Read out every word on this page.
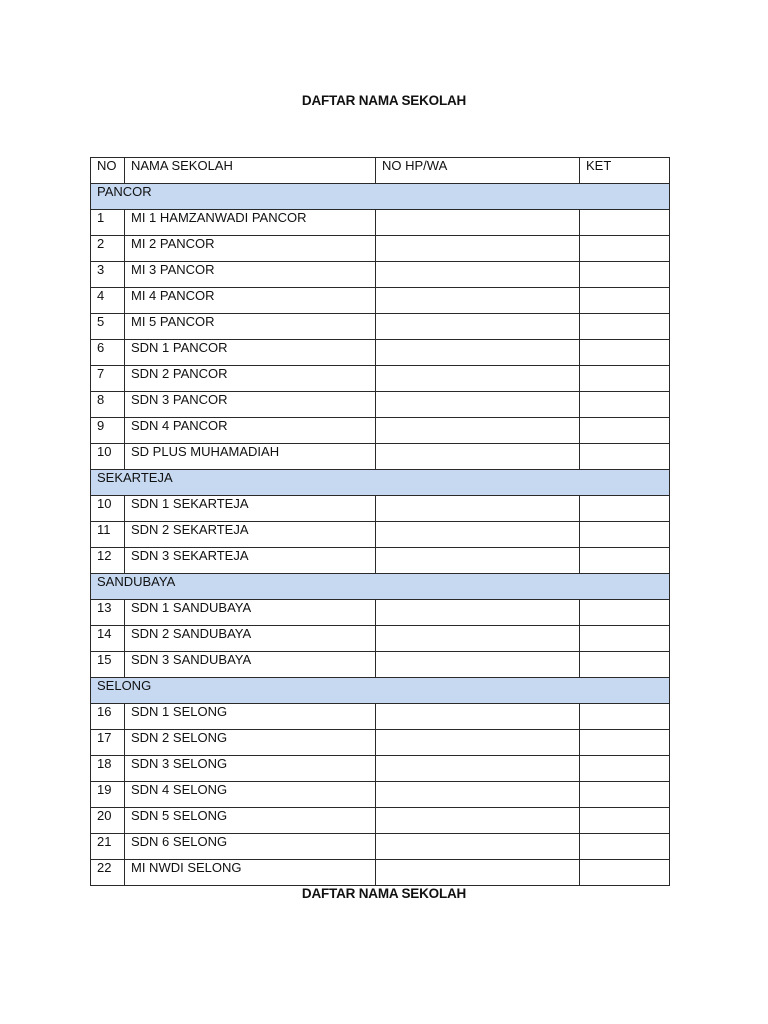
DAFTAR NAMA SEKOLAH
NO	NAMA SEKOLAH	NO HP/WA	KET
PANCOR			
1	MI 1 HAMZANWADI PANCOR		
2	MI 2 PANCOR		
3	MI 3 PANCOR		
4	MI 4 PANCOR		
5	MI 5 PANCOR		
6	SDN 1 PANCOR		
7	SDN 2 PANCOR		
8	SDN 3 PANCOR		
9	SDN 4 PANCOR		
10	SD PLUS MUHAMADIAH		
SEKARTEJA			
10	SDN 1 SEKARTEJA		
11	SDN 2 SEKARTEJA		
12	SDN 3 SEKARTEJA		
SANDUBAYA			
13	SDN 1 SANDUBAYA		
14	SDN 2 SANDUBAYA		
15	SDN 3 SANDUBAYA		
SELONG			
16	SDN 1 SELONG		
17	SDN 2 SELONG		
18	SDN 3 SELONG		
19	SDN 4 SELONG		
20	SDN 5 SELONG		
21	SDN 6 SELONG		
22	MI NWDI SELONG		
DAFTAR NAMA SEKOLAH
